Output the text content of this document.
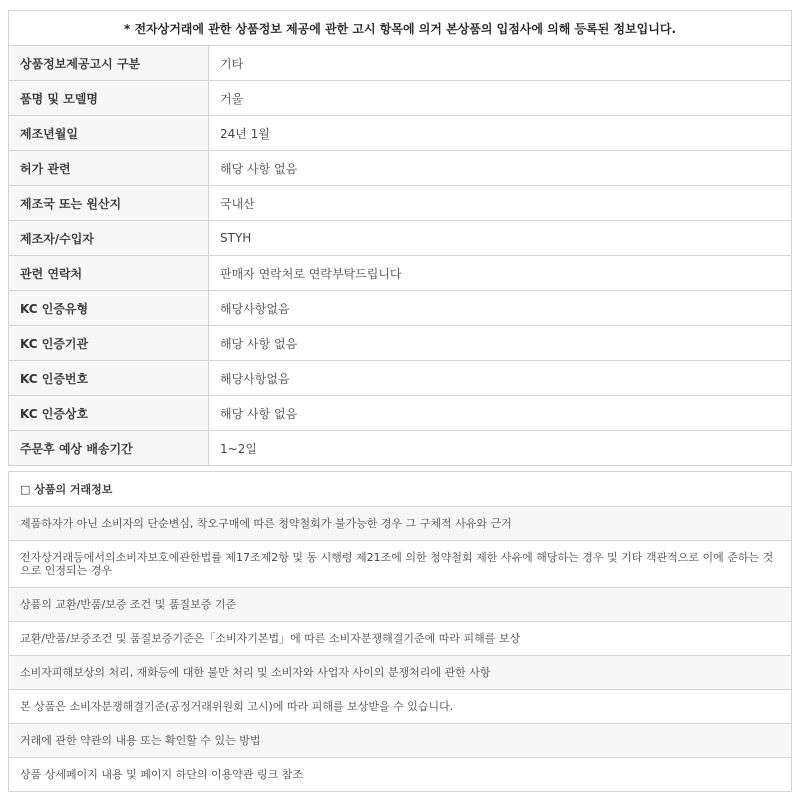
* 전자상거래에 관한 상품정보 제공에 관한 고시 항목에 의거 본상품의 입점사에 의해 등록된 정보입니다.
상품정보제공고시 구분	기타
품명 및 모델명	거울
제조년월일	24년 1월
허가 관련	해당 사항 없음
제조국 또는 원산지	국내산
제조자/수입자	STYH
관련 연락처	판매자 연락처로 연락부탁드립니다
KC 인증유형	해당사항없음
KC 인증기관	해당 사항 없음
KC 인증번호	해당사항없음
KC 인증상호	해당 사항 없음
주문후 예상 배송기간	1~2일
□ 상품의 거래정보
제품하자가 아닌 소비자의 단순변심, 착오구매에 따른 청약철회가 불가능한 경우 그 구체적 사유와 근거
전자상거래등에서의소비자보호에관한법률 제17조제2항 및 동 시행령 제21조에 의한 청약철회 제한 사유에 해당하는 경우 및 기타 객관적으로 이에 준하는 것으로 인정되는 경우
상품의 교환/반품/보증 조건 및 품질보증 기준
교환/반품/보증조건 및 품질보증기준은「소비자기본법」에 따른 소비자분쟁해결기준에 따라 피해를 보상
소비자피해보상의 처리, 재화등에 대한 불만 처리 및 소비자와 사업자 사이의 분쟁처리에 관한 사항
본 상품은 소비자분쟁해결기준(공정거래위원회 고시)에 따라 피해를 보상받을 수 있습니다.
거래에 관한 약관의 내용 또는 확인할 수 있는 방법
상품 상세페이지 내용 및 페이지 하단의 이용약관 링크 참조
